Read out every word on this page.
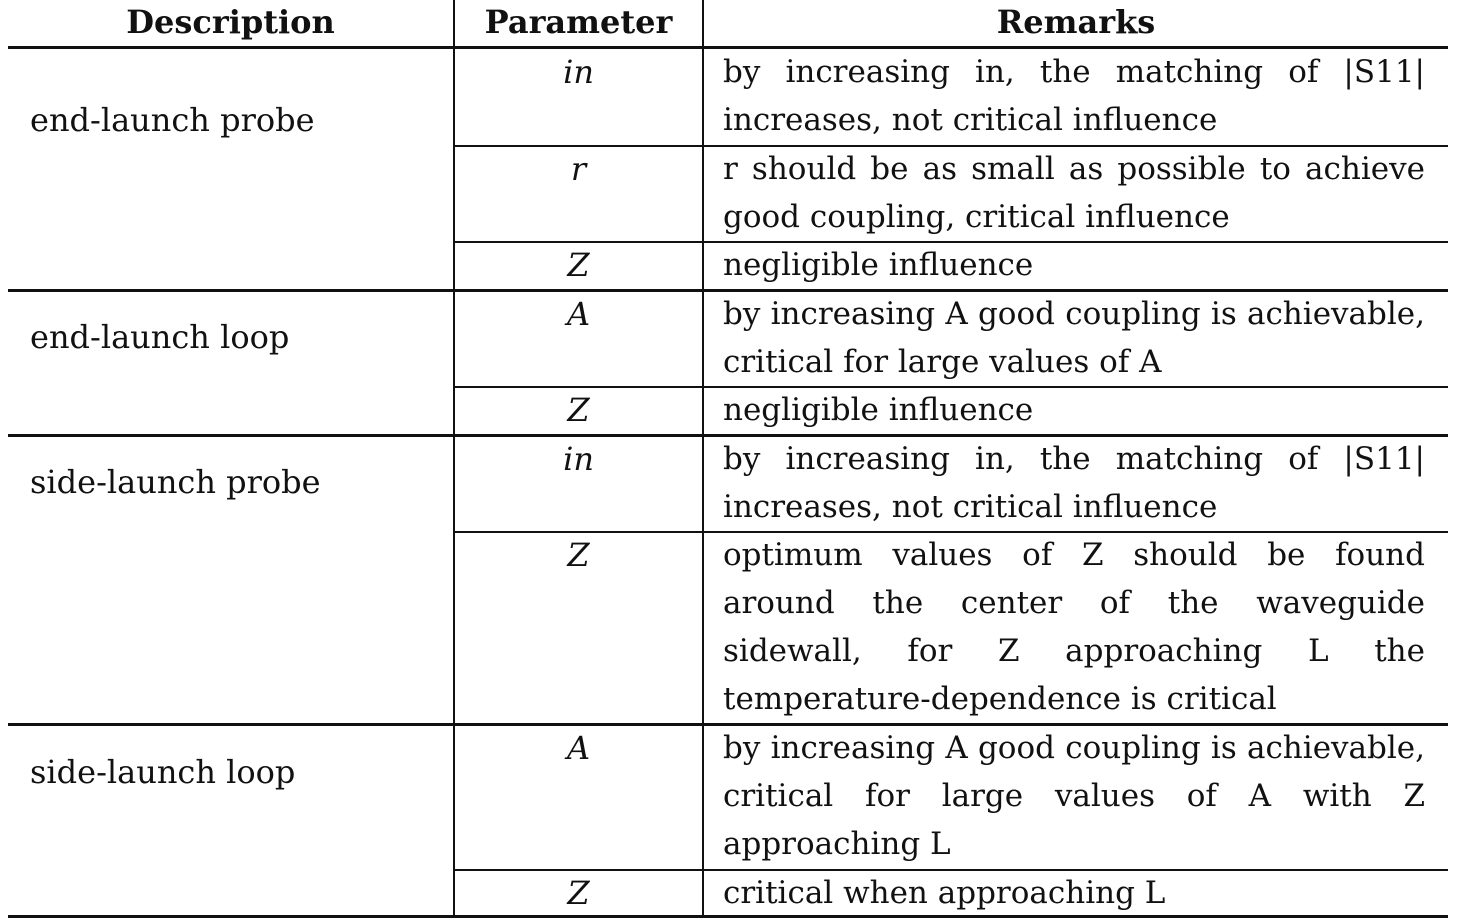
Description	Parameter	Remarks
end-launch probe
in	by increasing in, the matching of |S11| increases, not critical influence
r	r should be as small as possible to achieve good coupling, critical influence
Z	negligible influence
end-launch loop
A	by increasing A good coupling is achievable, critical for large values of A
Z	negligible influence
side-launch probe
in	by increasing in, the matching of |S11| increases, not critical influence
Z	optimum values of Z should be found around the center of the waveguide sidewall, for Z approaching L the temperature-dependence is critical
side-launch loop
A	by increasing A good coupling is achievable, critical for large values of A with Z approaching L
Z	critical when approaching L
